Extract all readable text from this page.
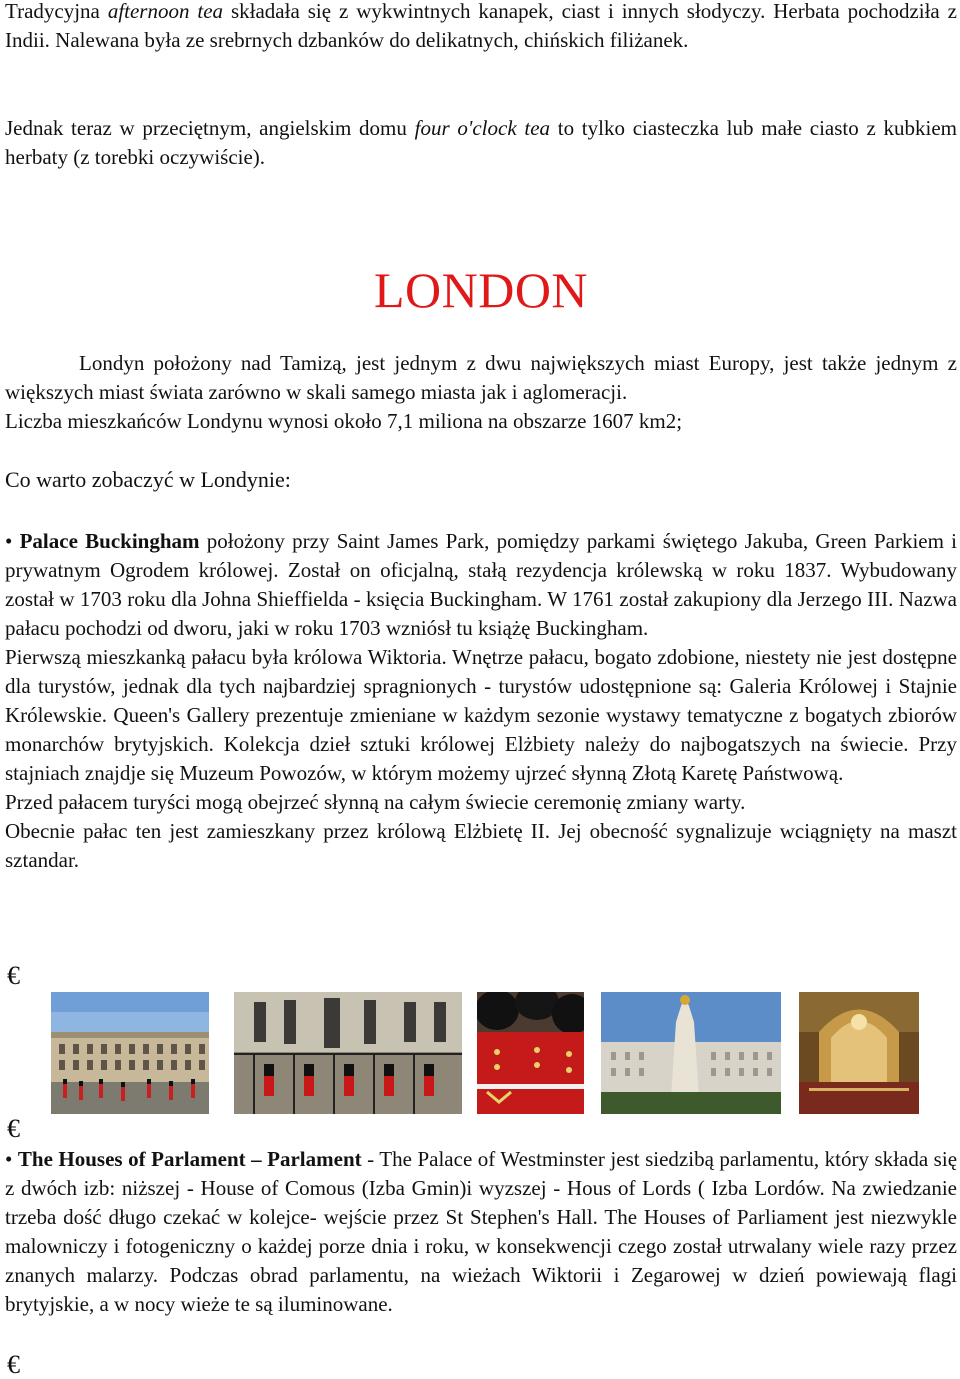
Tradycyjna afternoon tea składała się z wykwintnych kanapek, ciast i innych słodyczy. Herbata pochodziła z Indii. Nalewana była ze srebrnych dzbanków do delikatnych, chińskich filiżanek.

Jednak teraz w przeciętnym, angielskim domu four o'clock tea to tylko ciasteczka lub małe ciasto z kubkiem herbaty (z torebki oczywiście).

LONDON

Londyn położony nad Tamizą, jest jednym z dwu największych miast Europy, jest także jednym z większych miast świata zarówno w skali samego miasta jak i aglomeracji.

Liczba mieszkańców Londynu wynosi około 7,1 miliona na obszarze 1607 km2;

Co warto zobaczyć w Londynie:

• Palace Buckingham położony przy Saint James Park, pomiędzy parkami świętego Jakuba, Green Parkiem i prywatnym Ogrodem królowej. Został on oficjalną, stałą rezydencja królewską w roku 1837. Wybudowany został w 1703 roku dla Johna Shieffielda - księcia Buckingham. W 1761 został zakupiony dla Jerzego III. Nazwa pałacu pochodzi od dworu, jaki w roku 1703 wzniósł tu książę Buckingham.

Pierwszą mieszkanką pałacu była królowa Wiktoria. Wnętrze pałacu, bogato zdobione, niestety nie jest dostępne dla turystów, jednak dla tych najbardziej spragnionych - turystów udostępnione są: Galeria Królowej i Stajnie Królewskie. Queen's Gallery prezentuje zmieniane w każdym sezonie wystawy tematyczne z bogatych zbiorów monarchów brytyjskich. Kolekcja dzieł sztuki królowej Elżbiety należy do najbogatszych na świecie. Przy stajniach znajdje się Muzeum Powozów, w którym możemy ujrzeć słynną Złotą Karetę Państwową.

Przed pałacem turyści mogą obejrzeć słynną na całym świecie ceremonię zmiany warty.

Obecnie pałac ten jest zamieszkany przez królową Elżbietę II. Jej obecność sygnalizuje wciągnięty na maszt sztandar.

€
€

• The Houses of Parlament – Parlament - The Palace of Westminster jest siedzibą parlamentu, który składa się z dwóch izb: niższej - House of Comous (Izba Gmin)i wyzszej - Hous of Lords ( Izba Lordów. Na zwiedzanie trzeba dość długo czekać w kolejce- wejście przez St Stephen's Hall. The Houses of Parliament jest niezwykle malowniczy i fotogeniczny o każdej porze dnia i roku, w konsekwencji czego został utrwalany wiele razy przez znanych malarzy. Podczas obrad parlamentu, na wieżach Wiktorii i Zegarowej w dzień powiewają flagi brytyjskie, a w nocy wieże te są iluminowane.

€
